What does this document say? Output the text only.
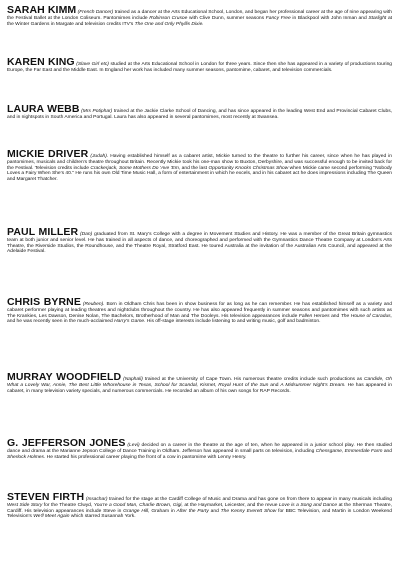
SARAH KIMM (French Dancer) trained as a dancer at the Arts Educational School, London, and began her professional career at the age of nine appearing with the Festival Ballet at the London Coliseum. Pantomimes include Robinson Crusoe with Clive Dunn, summer seasons Fancy Free in Blackpool with John Inman and Starlight at the Winter Gardens in Margate and television credits ITV's The One and Only Phyllis Dixie.

KAREN KING (Slave Girl etc) studied at the Arts Educational School in London for three years. Since then she has appeared in a variety of productions touring Europe, the Far East and the Middle East. In England her work has included many summer seasons, pantomime, cabaret, and television commercials.

LAURA WEBB (Mrs Potiphar) trained at the Jackie Clarke School of Dancing, and has since appeared in the leading West End and Provincial Cabaret Clubs, and in nightspots in South America and Portugal. Laura has also appeared in several pantomimes, most recently at Swansea.

MICKIE DRIVER (Judah). Having established himself as a cabaret artist, Mickie turned to the theatre to further his career, since when he has played in pantomimes, musicals and children's theatre throughout Britain. Recently Mickie took his one-man show to Buxton, Derbyshire, and was successful enough to be invited back for the Festival. Television credits include Crackerjack, Some Mothers Do 'Ave 'Em, and the last Opportunity Knocks Christmas Show when Mickie came second performing "Nobody Loves a Fairy When She's 40." He runs his own Old Time Music Hall, a form of entertainment in which he excels, and in his cabaret act he does impressions including The Queen and Margaret Thatcher.

PAUL MILLER (Dan) graduated from St. Mary's College with a degree in Movement Studies and History. He was a member of the Great Britain gymnastics team at both junior and senior level. He has trained in all aspects of dance, and choreographed and performed with the Gymnastics Dance Theatre Company at London's Arts Theatre, the Riverside Studios, the Roundhouse, and the Theatre Royal, Stratford East. He toured Australia at the invitation of the Australian Arts Council, and appeared at the Adelaide Festival.

CHRIS BYRNE (Reuben). Born in Oldham Chris has been in show business for as long as he can remember. He has established himself as a variety and cabaret performer playing at leading theatres and nightclubs throughout the country. He has also appeared frequently in summer seasons and pantomimes with such artists as The Krankies, Les Dawson, Denise Nolan, The Bachelors, Brotherhood of Man and The Dooleys. His television appearances include Fallen Heroes and The House of Caradus, and he was recently seen in the much-acclaimed Harry's Game. His off-stage interests include listening to and writing music, golf and badminton.

MURRAY WOODFIELD (Naphali) trained at the University of Cape Town. His numerous theatre credits include such productions as Candide, Oh What a Lovely War, Annie, The Best Little Whorehouse in Texas, School for Scandal, Kismet, Royal Hunt of the Sun and A Midsummer Night's Dream. He has appeared in cabaret, in many television variety specials, and numerous commercials. He recorded an album of his own songs for RAP Records.

G. JEFFERSON JONES (Levi) decided on a career in the theatre at the age of ten, when he appeared in a junior school play. He then studied dance and drama at the Marianne Jepson College of Dance Training in Oldham. Jefferson has appeared in small parts on television, including Chessgame, Emmerdale Farm and Sherlock Holmes. He started his professional career playing the front of a cow in pantomime with Lenny Henry.

STEVEN FIRTH (Issachar) trained for the stage at the Cardiff College of Music and Drama and has gone on from there to appear in many musicals including West Side Story for the Theatre Clwyd, You're a Good Man, Charlie Brown, Gigi, at the Haymarket, Leicester, and the revue Love is a Song and Dance at the Sherman Theatre, Cardiff. His television appearances include Steve in Grange Hill, Graham in After the Party and The Kenny Everett Show for BBC Television, and Martin in London Weekend Television's We'll Meet Again which starred Susannah York.
